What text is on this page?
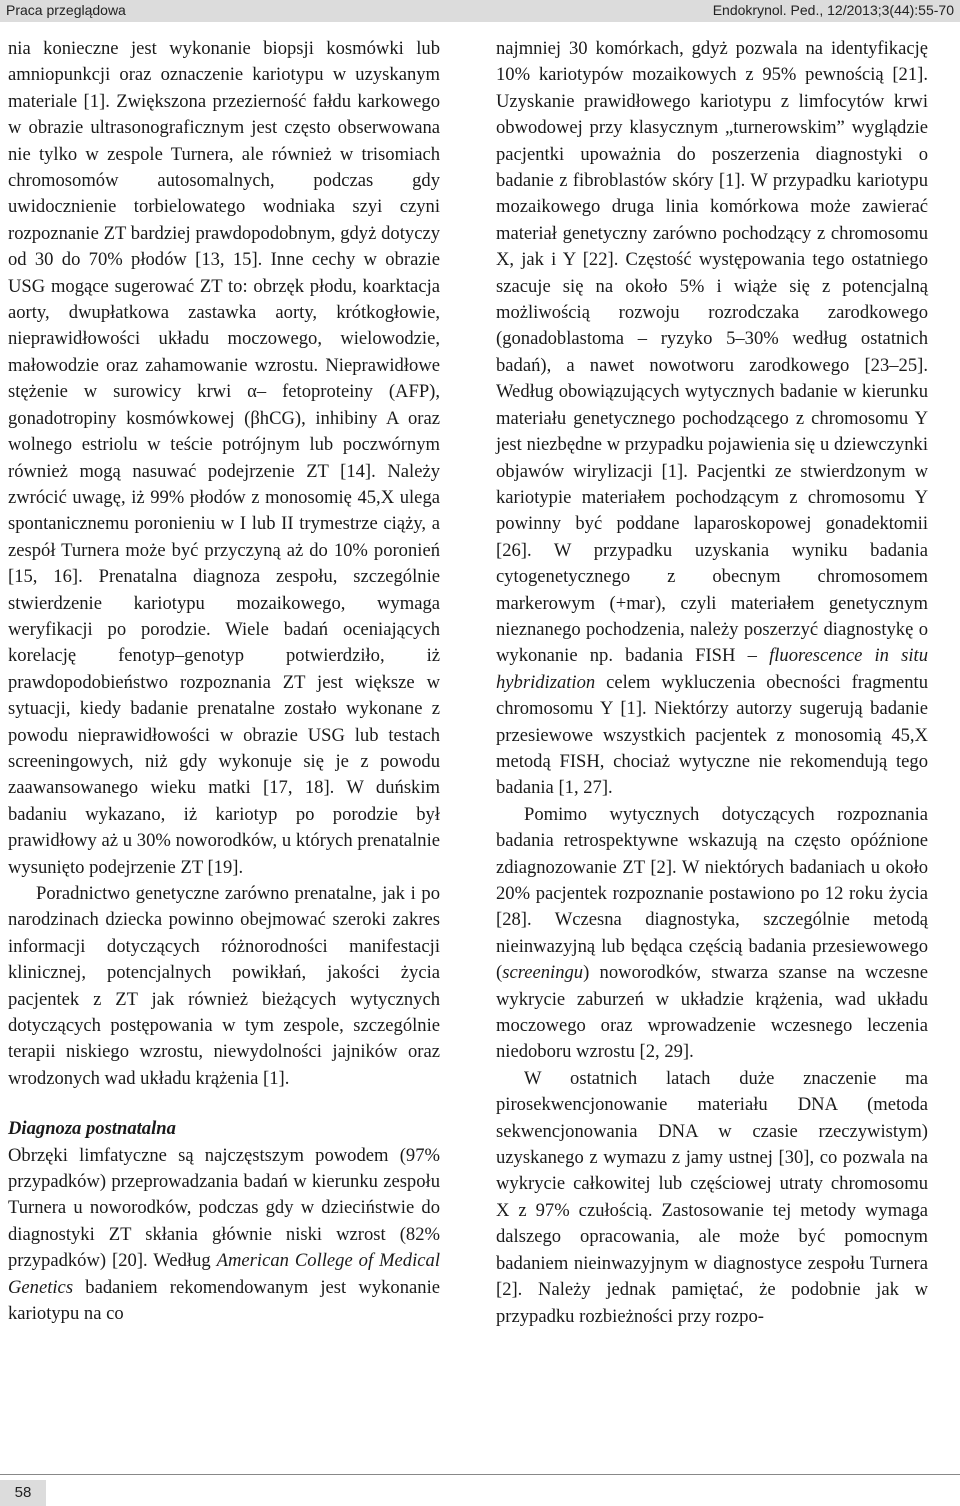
Praca przeglądowa	Endokrynol. Ped., 12/2013;3(44):55-70

nia konieczne jest wykonanie biopsji kosmówki lub amniopunkcji oraz oznaczenie kariotypu w uzyskanym materiale [1]. Zwiększona przezierność fałdu karkowego w obrazie ultrasonograficznym jest często obserwowana nie tylko w zespole Turnera, ale również w trisomiach chromosomów autosomalnych, podczas gdy uwidocznienie torbielowatego wodniaka szyi czyni rozpoznanie ZT bardziej prawdopodobnym, gdyż dotyczy od 30 do 70% płodów [13, 15]. Inne cechy w obrazie USG mogące sugerować ZT to: obrzęk płodu, koarktacja aorty, dwupłatkowa zastawka aorty, krótkogłowie, nieprawidłowości układu moczowego, wielowodzie, małowodzie oraz zahamowanie wzrostu. Nieprawidłowe stężenie w surowicy krwi α– fetoproteiny (AFP), gonadotropiny kosmówkowej (βhCG), inhibiny A oraz wolnego estriolu w teście potrójnym lub poczwórnym również mogą nasuwać podejrzenie ZT [14]. Należy zwrócić uwagę, iż 99% płodów z monosomię 45,X ulega spontanicznemu poronieniu w I lub II trymestrze ciąży, a zespół Turnera może być przyczyną aż do 10% poronień [15, 16]. Prenatalna diagnoza zespołu, szczególnie stwierdzenie kariotypu mozaikowego, wymaga weryfikacji po porodzie. Wiele badań oceniających korelację fenotyp–genotyp potwierdziło, iż prawdopodobieństwo rozpoznania ZT jest większe w sytuacji, kiedy badanie prenatalne zostało wykonane z powodu nieprawidłowości w obrazie USG lub testach screeningowych, niż gdy wykonuje się je z powodu zaawansowanego wieku matki [17, 18]. W duńskim badaniu wykazano, iż kariotyp po porodzie był prawidłowy aż u 30% noworodków, u których prenatalnie wysunięto podejrzenie ZT [19].

Poradnictwo genetyczne zarówno prenatalne, jak i po narodzinach dziecka powinno obejmować szeroki zakres informacji dotyczących różnorodności manifestacji klinicznej, potencjalnych powikłań, jakości życia pacjentek z ZT jak również bieżących wytycznych dotyczących postępowania w tym zespole, szczególnie terapii niskiego wzrostu, niewydolności jajników oraz wrodzonych wad układu krążenia [1].

Diagnoza postnatalna

Obrzęki limfatyczne są najczęstszym powodem (97% przypadków) przeprowadzania badań w kierunku zespołu Turnera u noworodków, podczas gdy w dzieciństwie do diagnostyki ZT skłania głównie niski wzrost (82% przypadków) [20]. Według American College of Medical Genetics badaniem rekomendowanym jest wykonanie kariotypu na co

najmniej 30 komórkach, gdyż pozwala na identyfikację 10% kariotypów mozaikowych z 95% pewnością [21]. Uzyskanie prawidłowego kariotypu z limfocytów krwi obwodowej przy klasycznym „turnerowskim” wyglądzie pacjentki upoważnia do poszerzenia diagnostyki o badanie z fibroblastów skóry [1]. W przypadku kariotypu mozaikowego druga linia komórkowa może zawierać materiał genetyczny zarówno pochodzący z chromosomu X, jak i Y [22]. Częstość występowania tego ostatniego szacuje się na około 5% i wiąże się z potencjalną możliwością rozwoju rozrodczaka zarodkowego (gonadoblastoma – ryzyko 5–30% według ostatnich badań), a nawet nowotworu zarodkowego [23–25]. Według obowiązujących wytycznych badanie w kierunku materiału genetycznego pochodzącego z chromosomu Y jest niezbędne w przypadku pojawienia się u dziewczynki objawów wirylizacji [1]. Pacjentki ze stwierdzonym w kariotypie materiałem pochodzącym z chromosomu Y powinny być poddane laparoskopowej gonadektomii [26]. W przypadku uzyskania wyniku badania cytogenetycznego z obecnym chromosomem markerowym (+mar), czyli materiałem genetycznym nieznanego pochodzenia, należy poszerzyć diagnostykę o wykonanie np. badania FISH – fluorescence in situ hybridization celem wykluczenia obecności fragmentu chromosomu Y [1]. Niektórzy autorzy sugerują badanie przesiewowe wszystkich pacjentek z monosomią 45,X metodą FISH, chociaż wytyczne nie rekomendują tego badania [1, 27].

Pomimo wytycznych dotyczących rozpoznania badania retrospektywne wskazują na często opóźnione zdiagnozowanie ZT [2]. W niektórych badaniach u około 20% pacjentek rozpoznanie postawiono po 12 roku życia [28]. Wczesna diagnostyka, szczególnie metodą nieinwazyjną lub będąca częścią badania przesiewowego (screeningu) noworodków, stwarza szanse na wczesne wykrycie zaburzeń w układzie krążenia, wad układu moczowego oraz wprowadzenie wczesnego leczenia niedoboru wzrostu [2, 29].

W ostatnich latach duże znaczenie ma pirosekwencjonowanie materiału DNA (metoda sekwencjonowania DNA w czasie rzeczywistym) uzyskanego z wymazu z jamy ustnej [30], co pozwala na wykrycie całkowitej lub częściowej utraty chromosomu X z 97% czułością. Zastosowanie tej metody wymaga dalszego opracowania, ale może być pomocnym badaniem nieinwazyjnym w diagnostyce zespołu Turnera [2]. Należy jednak pamiętać, że podobnie jak w przypadku rozbieżności przy rozpo-

58
